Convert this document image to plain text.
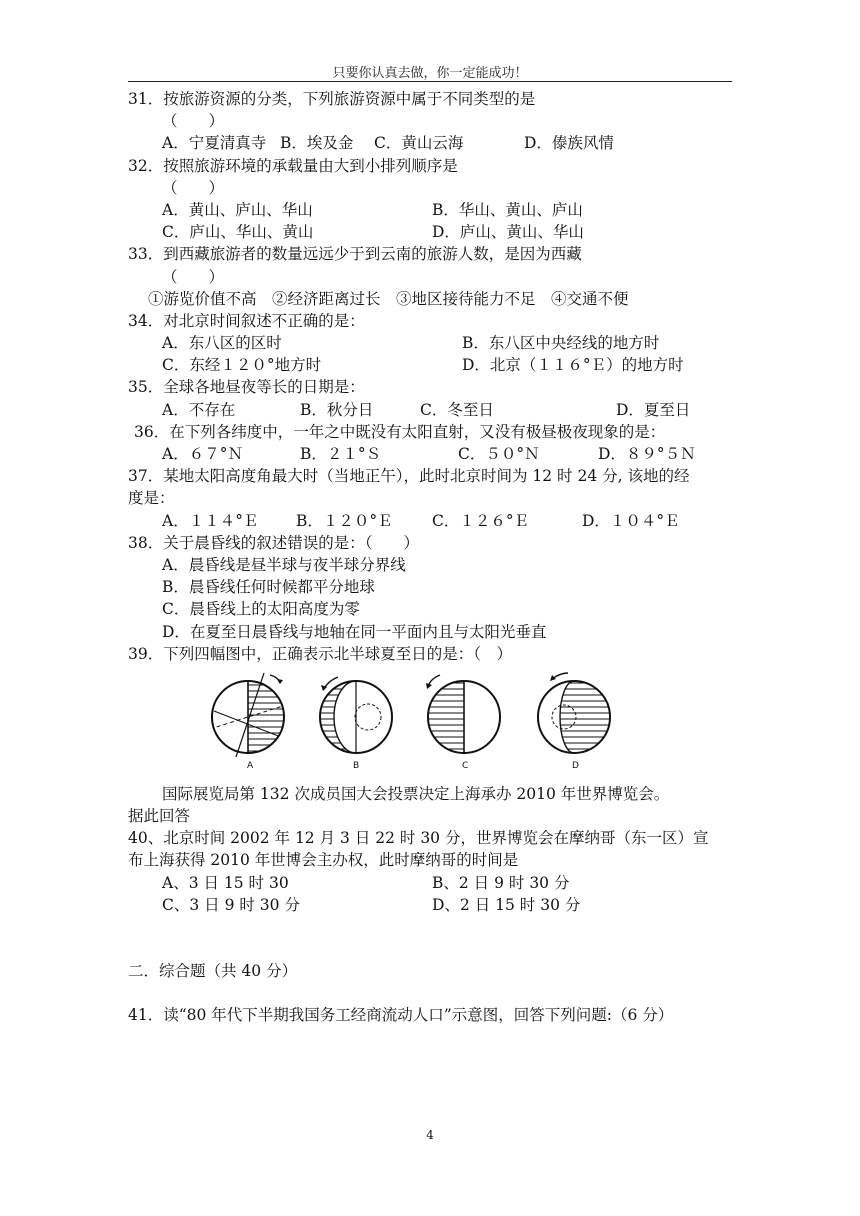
只要你认真去做，你一定能成功！
31．按旅游资源的分类，下列旅游资源中属于不同类型的是
（　　）
A．宁夏清真寺 B．埃及金	C．黄山云海	D．傣族风情
32．按照旅游环境的承载量由大到小排列顺序是
（　　）
A．黄山、庐山、华山	B．华山、黄山、庐山
C．庐山、华山、黄山	D．庐山、黄山、华山
33．到西藏旅游者的数量远远少于到云南的旅游人数，是因为西藏
（　　）
①游览价值不高　②经济距离过长　③地区接待能力不足　④交通不便
34．对北京时间叙述不正确的是：
A．东八区的区时	B．东八区中央经线的地方时
C．东经１２０°地方时	D．北京（１１６°Ｅ）的地方时
35．全球各地昼夜等长的日期是：
A．不存在	B．秋分日	C．冬至日	D．夏至日
36．在下列各纬度中，一年之中既没有太阳直射，又没有极昼极夜现象的是：
A．６７°Ｎ	B．２１°Ｓ	C．５０°Ｎ	D．８９°５Ｎ
37．某地太阳高度角最大时（当地正午），此时北京时间为 12 时 24 分, 该地的经
度是：
A．１１４°Ｅ	B．１２０°Ｅ	C．１２６°Ｅ	D．１０４°Ｅ
38．关于晨昏线的叙述错误的是：（　　）
A．晨昏线是昼半球与夜半球分界线
B．晨昏线任何时候都平分地球
C．晨昏线上的太阳高度为零
D．在夏至日晨昏线与地轴在同一平面内且与太阳光垂直
39．下列四幅图中，正确表示北半球夏至日的是：（　）
A	B	C	D
国际展览局第 132 次成员国大会投票决定上海承办 2010 年世界博览会。
据此回答
40、北京时间 2002 年 12 月 3 日 22 时 30 分，世界博览会在摩纳哥（东一区）宣
布上海获得 2010 年世博会主办权，此时摩纳哥的时间是
A、3 日 15 时 30	B、2 日 9 时 30 分
C、3 日 9 时 30 分	D、2 日 15 时 30 分
二．综合题（共 40 分）
41．读“80 年代下半期我国务工经商流动人口”示意图，回答下列问题:（6 分）
4
